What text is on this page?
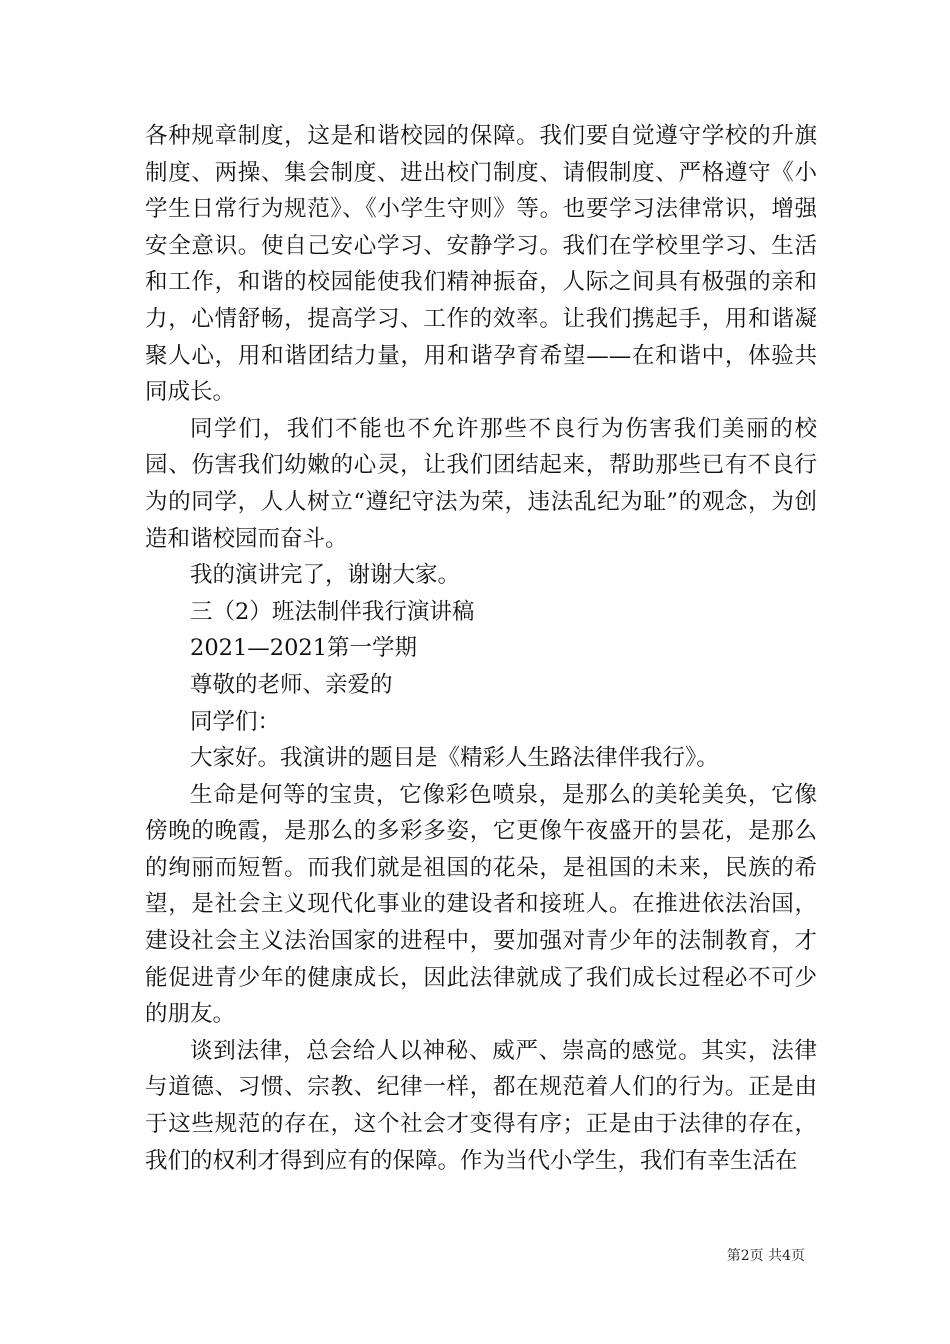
各种规章制度，这是和谐校园的保障。我们要自觉遵守学校的升旗制度、两操、集会制度、进出校门制度、请假制度、严格遵守《小学生日常行为规范》、《小学生守则》等。也要学习法律常识，增强安全意识。使自己安心学习、安静学习。我们在学校里学习、生活和工作，和谐的校园能使我们精神振奋，人际之间具有极强的亲和力，心情舒畅，提高学习、工作的效率。让我们携起手，用和谐凝聚人心，用和谐团结力量，用和谐孕育希望——在和谐中，体验共同成长。

同学们，我们不能也不允许那些不良行为伤害我们美丽的校园、伤害我们幼嫩的心灵，让我们团结起来，帮助那些已有不良行为的同学，人人树立“遵纪守法为荣，违法乱纪为耻”的观念，为创造和谐校园而奋斗。

我的演讲完了，谢谢大家。

三（2）班法制伴我行演讲稿

2021—2021第一学期

尊敬的老师、亲爱的

同学们：

大家好。我演讲的题目是《精彩人生路法律伴我行》。

生命是何等的宝贵，它像彩色喷泉，是那么的美轮美奂，它像傍晚的晚霞，是那么的多彩多姿，它更像午夜盛开的昙花，是那么的绚丽而短暂。而我们就是祖国的花朵，是祖国的未来，民族的希望，是社会主义现代化事业的建设者和接班人。在推进依法治国，建设社会主义法治国家的进程中，要加强对青少年的法制教育，才能促进青少年的健康成长，因此法律就成了我们成长过程必不可少的朋友。

谈到法律，总会给人以神秘、威严、崇高的感觉。其实，法律与道德、习惯、宗教、纪律一样，都在规范着人们的行为。正是由于这些规范的存在，这个社会才变得有序；正是由于法律的存在，我们的权利才得到应有的保障。作为当代小学生，我们有幸生活在

第2页 共4页
